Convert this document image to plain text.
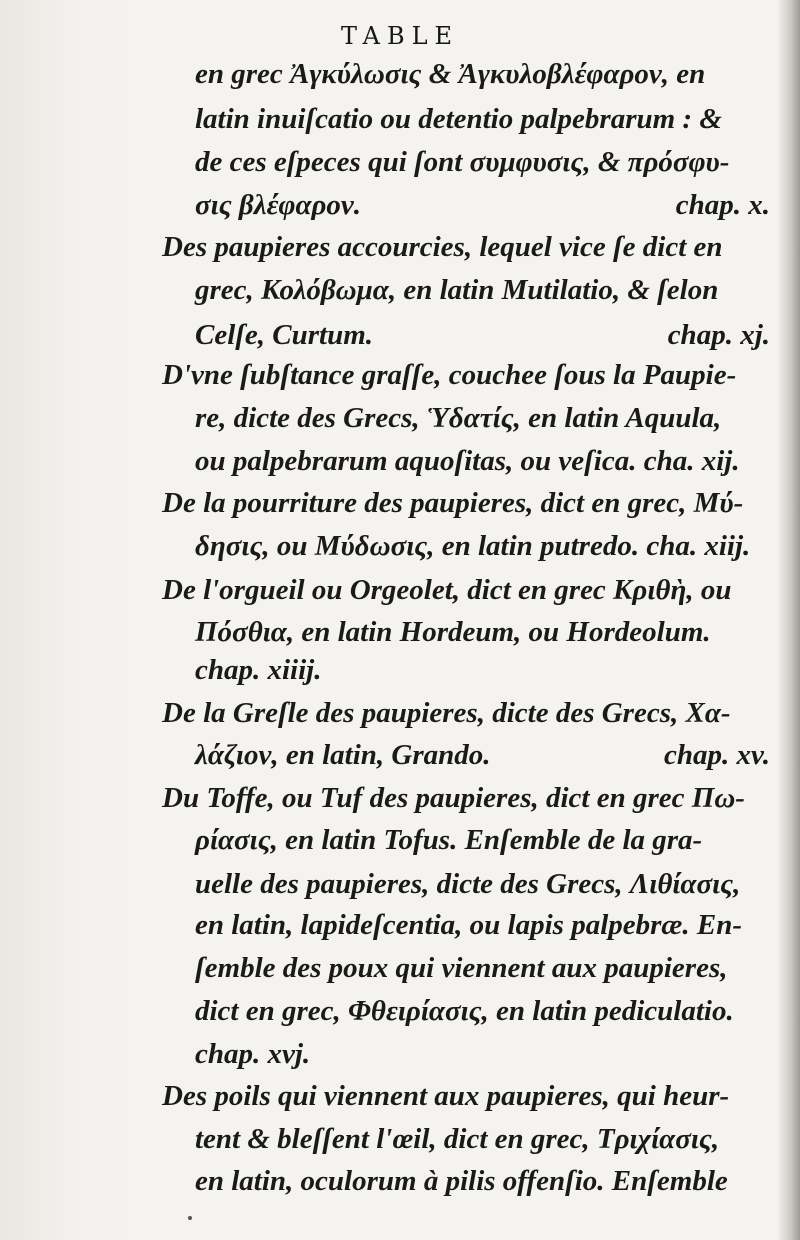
TABLE
en grec Ἀγκύλωσις & Ἀγκυλοβλέφαρον, en
latin inuiſcatio ou detentio palpebrarum : &
de ces eſpeces qui ſont συμφυσις, & πρόσφυ-
σις βλέφαρον.	chap. x.
Des paupieres accourcies, lequel vice ſe dict en
grec, Κολόβωμα, en latin Mutilatio, & ſelon
Celſe, Curtum.	chap. xj.
D'vne ſubſtance graſſe, couchee ſous la Paupie-
re, dicte des Grecs, Ὑδατίς, en latin Aquula,
ou palpebrarum aquoſitas, ou veſica. cha. xij.
De la pourriture des paupieres, dict en grec, Μύ-
δησις, ou Μύδωσις, en latin putredo. cha. xiij.
De l'orgueil ou Orgeolet, dict en grec Κριθὴ, ou
Πόσθια, en latin Hordeum, ou Hordeolum.
chap. xiiij.
De la Greſle des paupieres, dicte des Grecs, Χα-
λάζιον, en latin, Grando.	chap. xv.
Du Toffe, ou Tuf des paupieres, dict en grec Πω-
ρίασις, en latin Tofus. Enſemble de la gra-
uelle des paupieres, dicte des Grecs, Λιθίασις,
en latin, lapideſcentia, ou lapis palpebræ. En-
ſemble des poux qui viennent aux paupieres,
dict en grec, Φθειρίασις, en latin pediculatio.
chap. xvj.
Des poils qui viennent aux paupieres, qui heur-
tent & bleſſent l'œil, dict en grec, Τριχίασις,
en latin, oculorum à pilis offenſio. Enſemble
